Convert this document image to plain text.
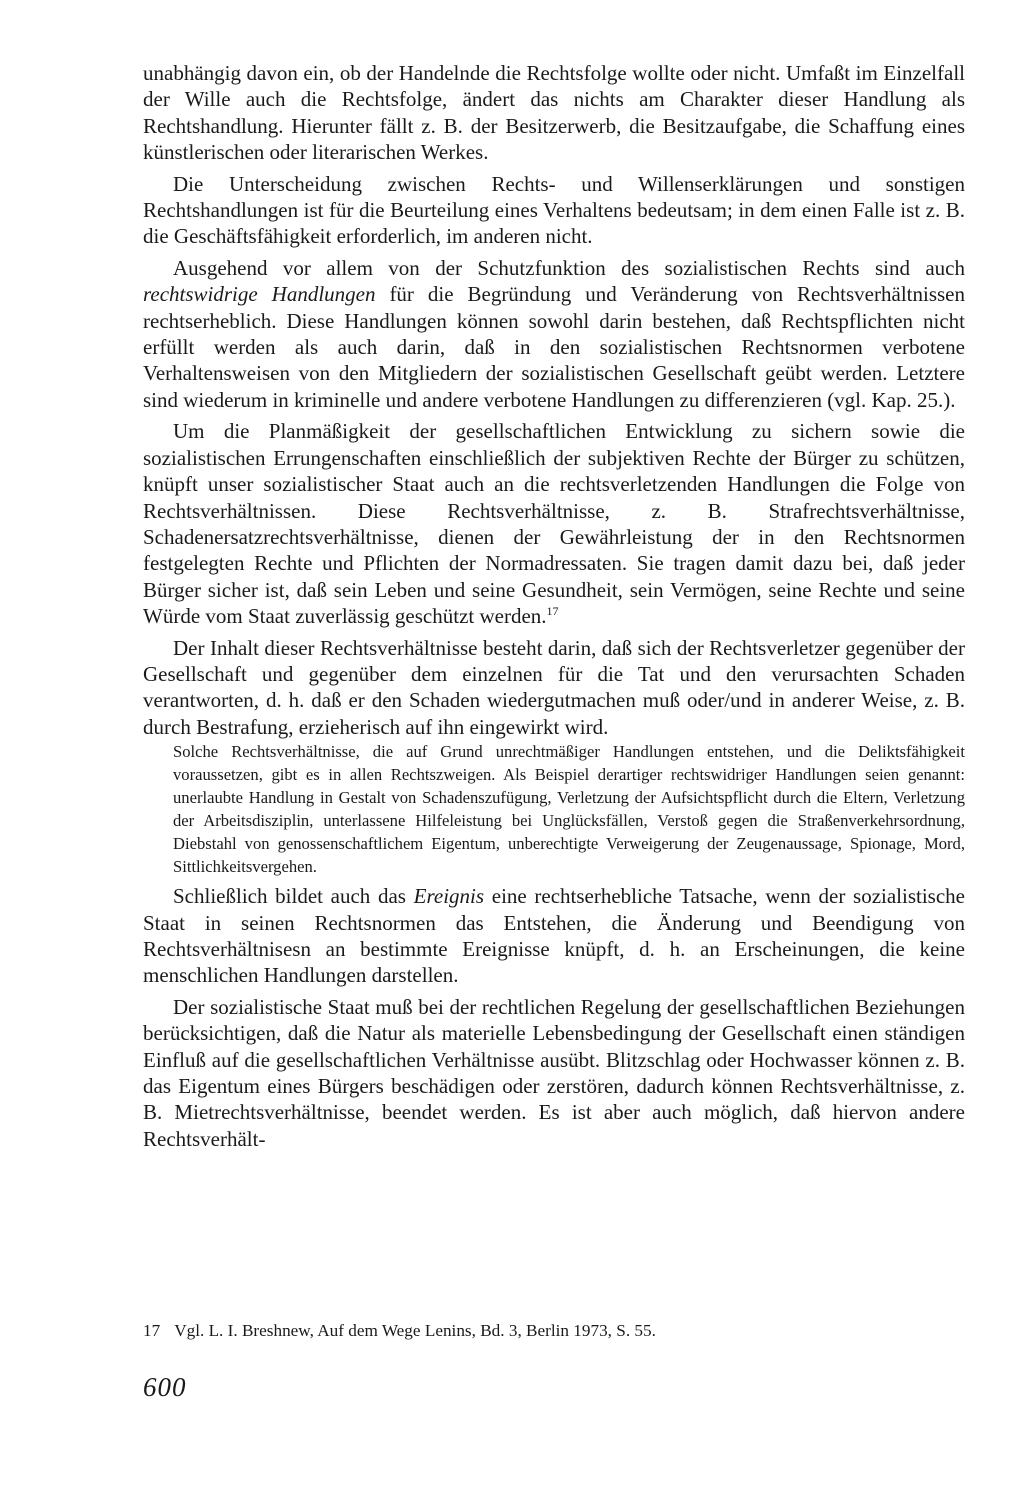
unabhängig davon ein, ob der Handelnde die Rechtsfolge wollte oder nicht. Umfaßt im Einzelfall der Wille auch die Rechtsfolge, ändert das nichts am Charakter dieser Handlung als Rechtshandlung. Hierunter fällt z. B. der Besitzerwerb, die Besitzaufgabe, die Schaffung eines künstlerischen oder literarischen Werkes.

Die Unterscheidung zwischen Rechts- und Willenserklärungen und sonstigen Rechtshandlungen ist für die Beurteilung eines Verhaltens bedeutsam; in dem einen Falle ist z. B. die Geschäftsfähigkeit erforderlich, im anderen nicht.

Ausgehend vor allem von der Schutzfunktion des sozialistischen Rechts sind auch rechtswidrige Handlungen für die Begründung und Veränderung von Rechtsverhältnissen rechtserheblich. Diese Handlungen können sowohl darin bestehen, daß Rechtspflichten nicht erfüllt werden als auch darin, daß in den sozialistischen Rechtsnormen verbotene Verhaltensweisen von den Mitgliedern der sozialistischen Gesellschaft geübt werden. Letztere sind wiederum in kriminelle und andere verbotene Handlungen zu differenzieren (vgl. Kap. 25.).

Um die Planmäßigkeit der gesellschaftlichen Entwicklung zu sichern sowie die sozialistischen Errungenschaften einschließlich der subjektiven Rechte der Bürger zu schützen, knüpft unser sozialistischer Staat auch an die rechtsverletzenden Handlungen die Folge von Rechtsverhältnissen. Diese Rechtsverhältnisse, z. B. Strafrechtsverhältnisse, Schadenersatzrechtsverhältnisse, dienen der Gewährleistung der in den Rechtsnormen festgelegten Rechte und Pflichten der Normadressaten. Sie tragen damit dazu bei, daß jeder Bürger sicher ist, daß sein Leben und seine Gesundheit, sein Vermögen, seine Rechte und seine Würde vom Staat zuverlässig geschützt werden.$^{17}$

Der Inhalt dieser Rechtsverhältnisse besteht darin, daß sich der Rechtsverletzer gegenüber der Gesellschaft und gegenüber dem einzelnen für die Tat und den verursachten Schaden verantworten, d. h. daß er den Schaden wiedergutmachen muß oder/und in anderer Weise, z. B. durch Bestrafung, erzieherisch auf ihn eingewirkt wird.

Solche Rechtsverhältnisse, die auf Grund unrechtmäßiger Handlungen entstehen, und die Deliktsfähigkeit voraussetzen, gibt es in allen Rechtszweigen. Als Beispiel derartiger rechtswidriger Handlungen seien genannt: unerlaubte Handlung in Gestalt von Schadenszufügung, Verletzung der Aufsichtspflicht durch die Eltern, Verletzung der Arbeitsdisziplin, unterlassene Hilfeleistung bei Unglücksfällen, Verstoß gegen die Straßenverkehrsordnung, Diebstahl von genossenschaftlichem Eigentum, unberechtigte Verweigerung der Zeugenaussage, Spionage, Mord, Sittlichkeitsvergehen.

Schließlich bildet auch das Ereignis eine rechtserhebliche Tatsache, wenn der sozialistische Staat in seinen Rechtsnormen das Entstehen, die Änderung und Beendigung von Rechtsverhältnisesn an bestimmte Ereignisse knüpft, d. h. an Erscheinungen, die keine menschlichen Handlungen darstellen.

Der sozialistische Staat muß bei der rechtlichen Regelung der gesellschaftlichen Beziehungen berücksichtigen, daß die Natur als materielle Lebensbedingung der Gesellschaft einen ständigen Einfluß auf die gesellschaftlichen Verhältnisse ausübt. Blitzschlag oder Hochwasser können z. B. das Eigentum eines Bürgers beschädigen oder zerstören, dadurch können Rechtsverhältnisse, z. B. Mietrechtsverhältnisse, beendet werden. Es ist aber auch möglich, daß hiervon andere Rechtsverhält-

17 Vgl. L. I. Breshnew, Auf dem Wege Lenins, Bd. 3, Berlin 1973, S. 55.
600
